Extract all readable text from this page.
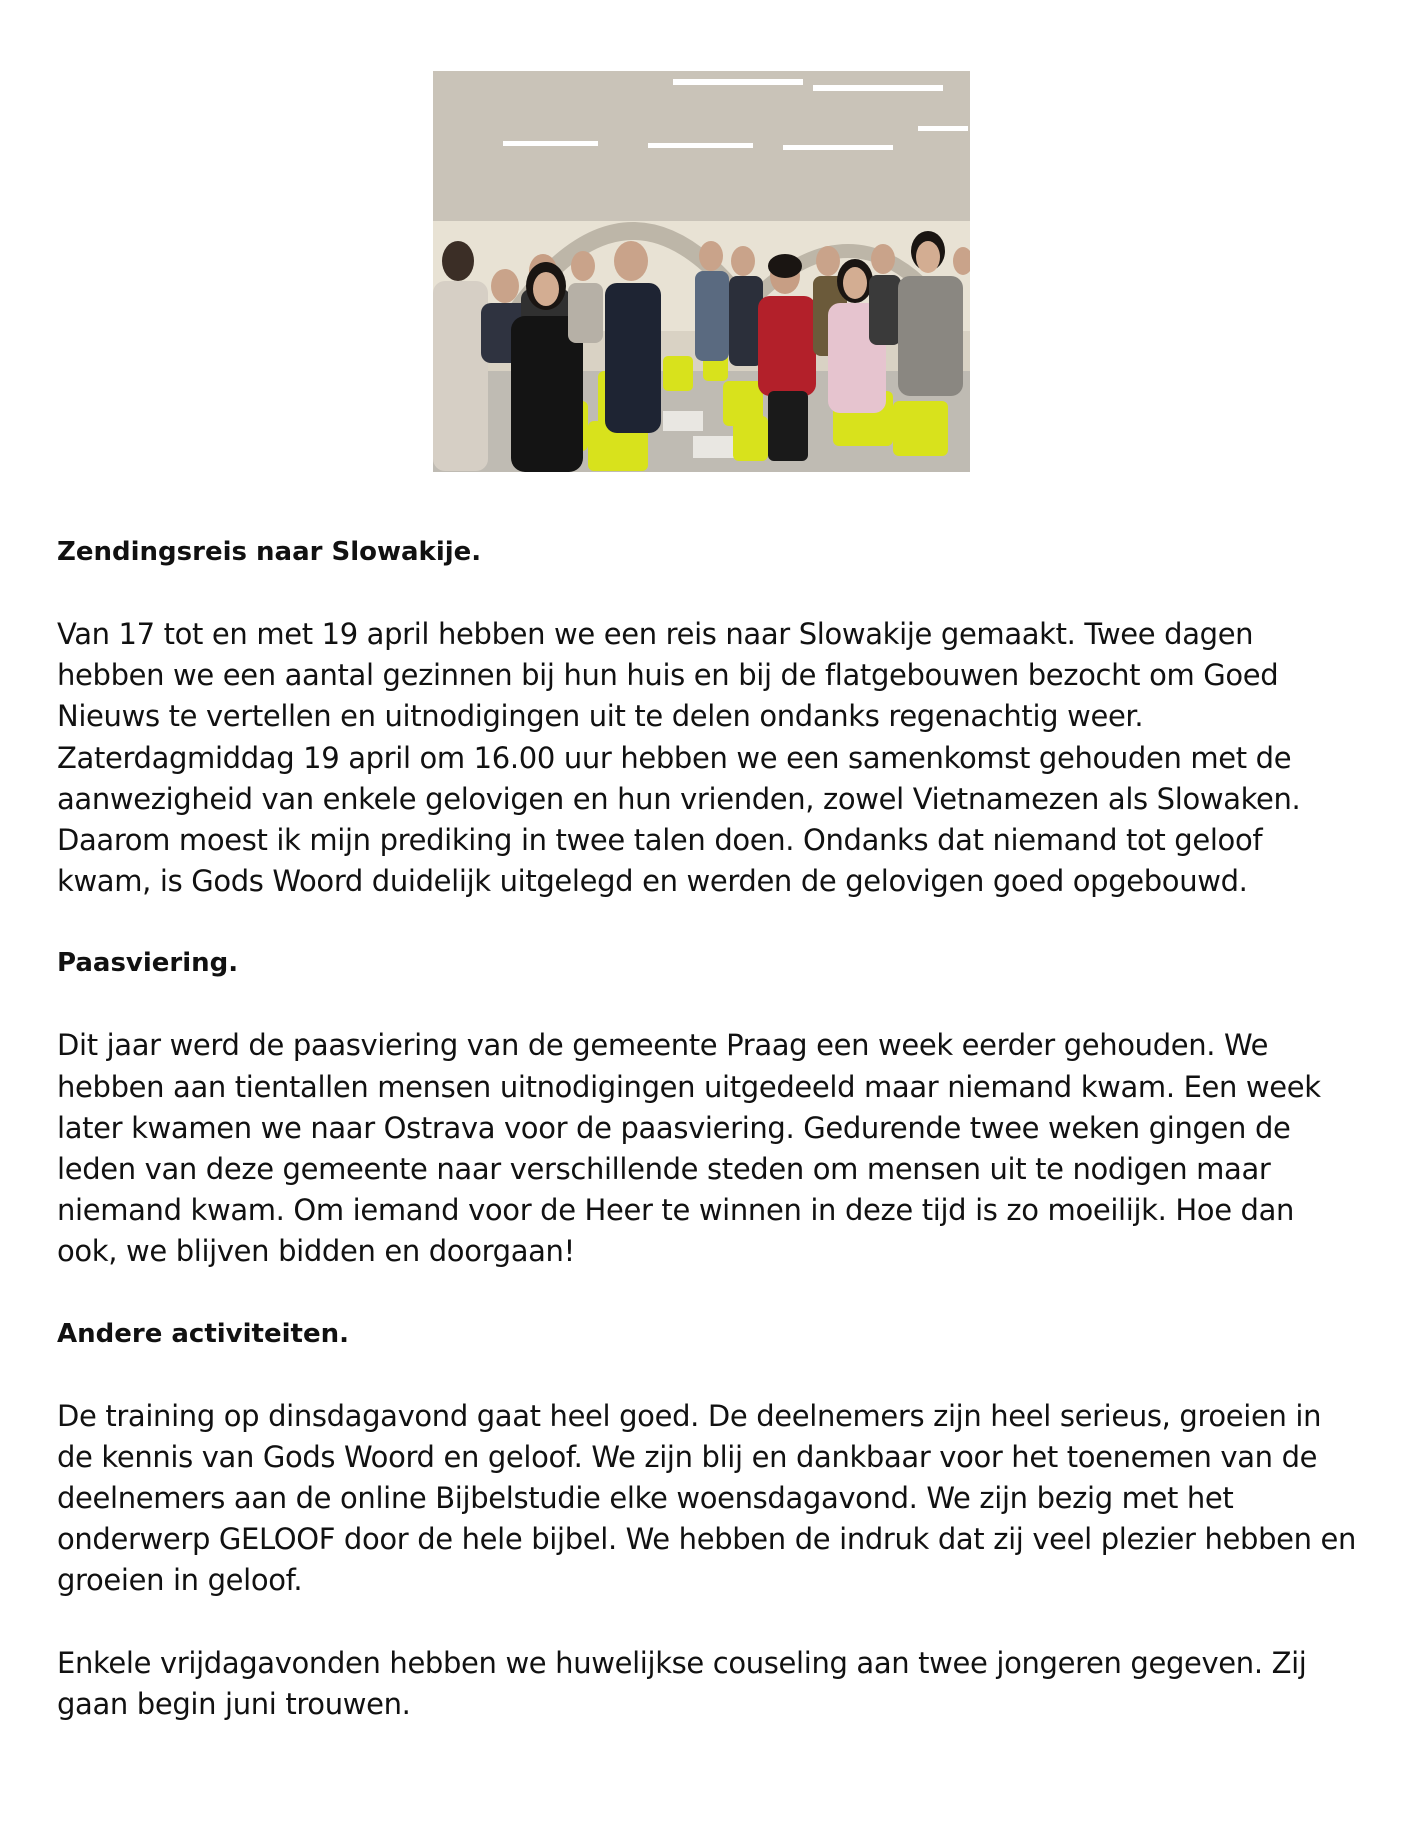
Zendingsreis naar Slowakije.

Van 17 tot en met 19 april hebben we een reis naar Slowakije gemaakt. Twee dagen hebben we een aantal gezinnen bij hun huis en bij de flatgebouwen bezocht om Goed Nieuws te vertellen en uitnodigingen uit te delen ondanks regenachtig weer. Zaterdagmiddag 19 april om 16.00 uur hebben we een samenkomst gehouden met de aanwezigheid van enkele gelovigen en hun vrienden, zowel Vietnamezen als Slowaken. Daarom moest ik mijn prediking in twee talen doen. Ondanks dat niemand tot geloof kwam, is Gods Woord duidelijk uitgelegd en werden de gelovigen goed opgebouwd.

Paasviering.

Dit jaar werd de paasviering van de gemeente Praag een week eerder gehouden. We hebben aan tientallen mensen uitnodigingen uitgedeeld maar niemand kwam. Een week later kwamen we naar Ostrava voor de paasviering. Gedurende twee weken gingen de leden van deze gemeente naar verschillende steden om mensen uit te nodigen maar niemand kwam. Om iemand voor de Heer te winnen in deze tijd is zo moeilijk. Hoe dan ook, we blijven bidden en doorgaan!

Andere activiteiten.

De training op dinsdagavond gaat heel goed. De deelnemers zijn heel serieus, groeien in de kennis van Gods Woord en geloof. We zijn blij en dankbaar voor het toenemen van de deelnemers aan de online Bijbelstudie elke woensdagavond. We zijn bezig met het onderwerp GELOOF door de hele bijbel. We hebben de indruk dat zij veel plezier hebben en groeien in geloof.

Enkele vrijdagavonden hebben we huwelijkse couseling aan twee jongeren gegeven. Zij gaan begin juni trouwen.
